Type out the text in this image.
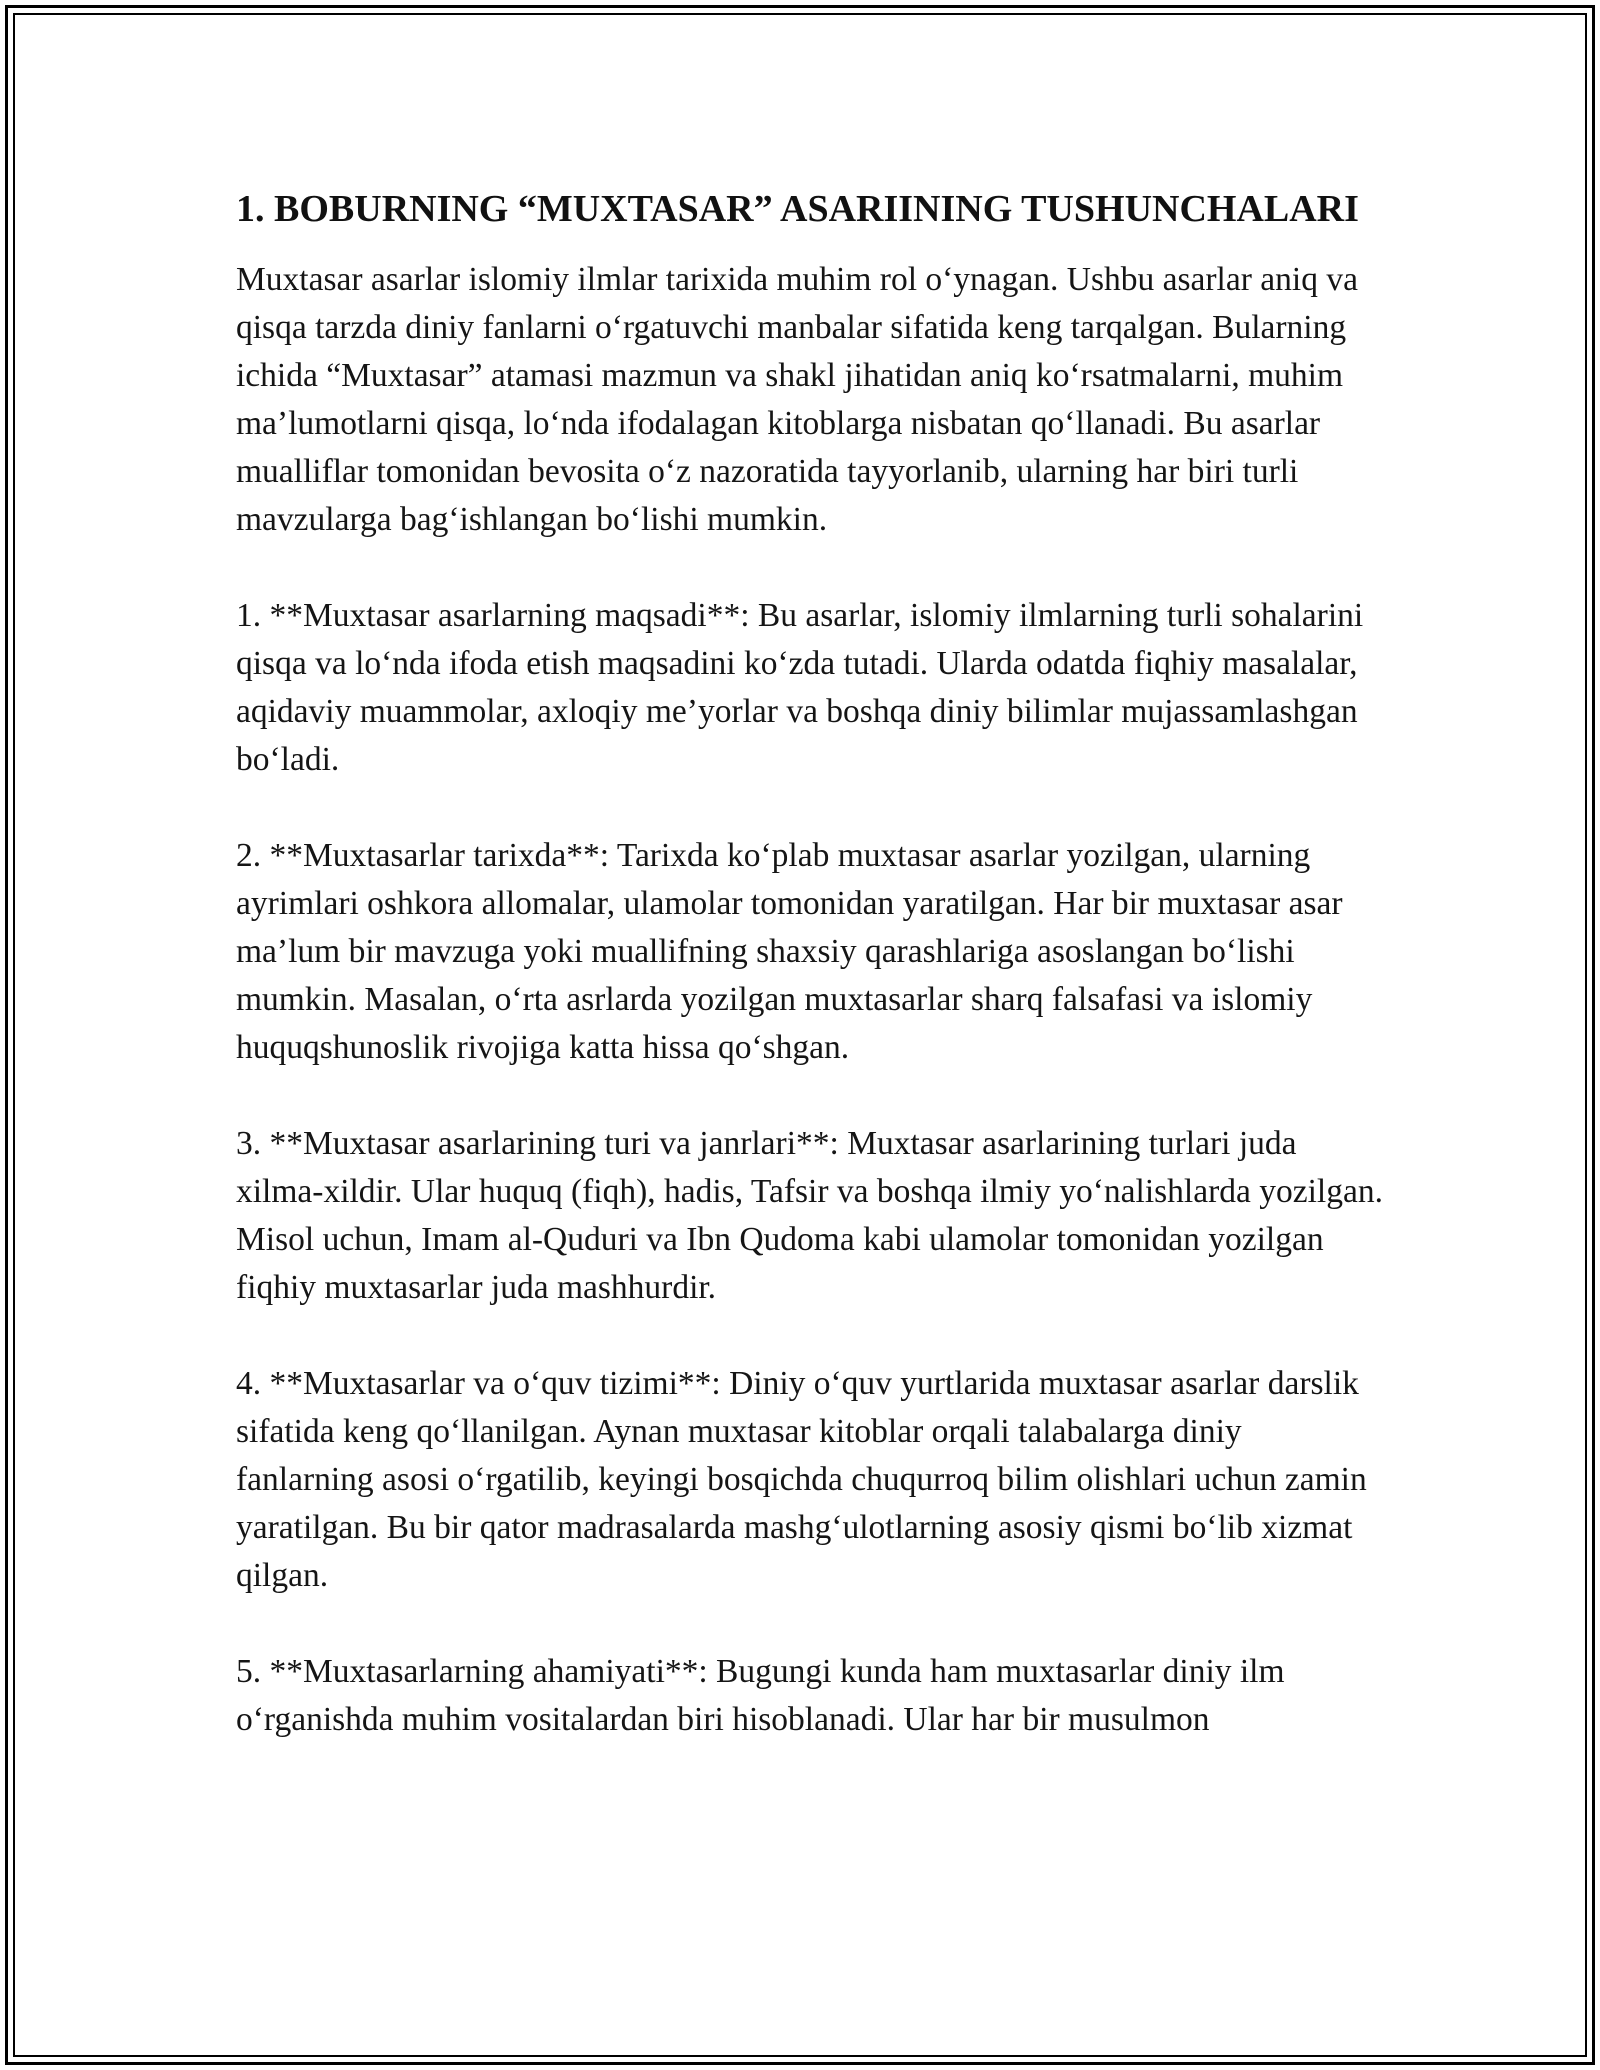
1. BOBURNING “MUXTASAR” ASARIINING TUSHUNCHALARI

Muxtasar asarlar islomiy ilmlar tarixida muhim rol o‘ynagan. Ushbu asarlar aniq va qisqa tarzda diniy fanlarni o‘rgatuvchi manbalar sifatida keng tarqalgan. Bularning ichida “Muxtasar” atamasi mazmun va shakl jihatidan aniq ko‘rsatmalarni, muhim ma’lumotlarni qisqa, lo‘nda ifodalagan kitoblarga nisbatan qo‘llanadi. Bu asarlar mualliflar tomonidan bevosita o‘z nazoratida tayyorlanib, ularning har biri turli mavzularga bag‘ishlangan bo‘lishi mumkin.

1. **Muxtasar asarlarning maqsadi**: Bu asarlar, islomiy ilmlarning turli sohalarini qisqa va lo‘nda ifoda etish maqsadini ko‘zda tutadi. Ularda odatda fiqhiy masalalar, aqidaviy muammolar, axloqiy me’yorlar va boshqa diniy bilimlar mujassamlashgan bo‘ladi.

2. **Muxtasarlar tarixda**: Tarixda ko‘plab muxtasar asarlar yozilgan, ularning ayrimlari oshkora allomalar, ulamolar tomonidan yaratilgan. Har bir muxtasar asar ma’lum bir mavzuga yoki muallifning shaxsiy qarashlariga asoslangan bo‘lishi mumkin. Masalan, o‘rta asrlarda yozilgan muxtasarlar sharq falsafasi va islomiy huquqshunoslik rivojiga katta hissa qo‘shgan.

3. **Muxtasar asarlarining turi va janrlari**: Muxtasar asarlarining turlari juda xilma-xildir. Ular huquq (fiqh), hadis, Tafsir va boshqa ilmiy yo‘nalishlarda yozilgan. Misol uchun, Imam al-Quduri va Ibn Qudoma kabi ulamolar tomonidan yozilgan fiqhiy muxtasarlar juda mashhurdir.

4. **Muxtasarlar va o‘quv tizimi**: Diniy o‘quv yurtlarida muxtasar asarlar darslik sifatida keng qo‘llanilgan. Aynan muxtasar kitoblar orqali talabalarga diniy fanlarning asosi o‘rgatilib, keyingi bosqichda chuqurroq bilim olishlari uchun zamin yaratilgan. Bu bir qator madrasalarda mashg‘ulotlarning asosiy qismi bo‘lib xizmat qilgan.

5. **Muxtasarlarning ahamiyati**: Bugungi kunda ham muxtasarlar diniy ilm o‘rganishda muhim vositalardan biri hisoblanadi. Ular har bir musulmon
